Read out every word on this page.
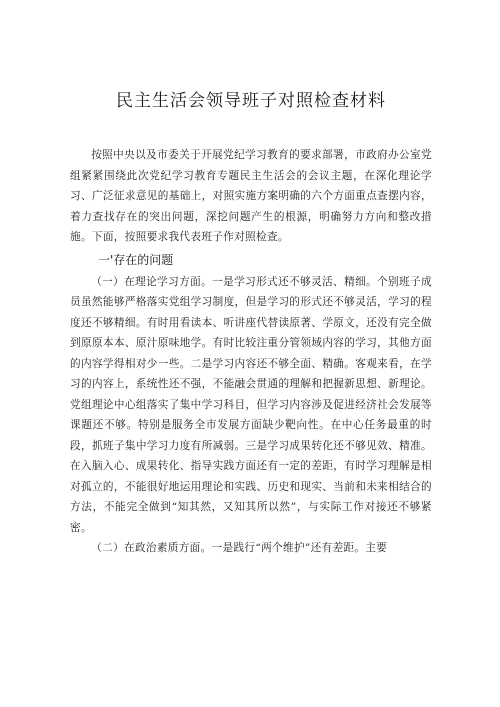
民主生活会领导班子对照检查材料

按照中央以及市委关于开展党纪学习教育的要求部署，市政府办公室党组紧紧围绕此次党纪学习教育专题民主生活会的会议主题，在深化理论学习、广泛征求意见的基础上，对照实施方案明确的六个方面重点查摆内容，着力查找存在的突出问题，深挖问题产生的根源，明确努力方向和整改措施。下面，按照要求我代表班子作对照检查。

一'存在的问题

（一）在理论学习方面。一是学习形式还不够灵活、精细。个别班子成员虽然能够严格落实党组学习制度，但是学习的形式还不够灵活，学习的程度还不够精细。有时用看读本、听讲座代替读原著、学原文，还没有完全做到原原本本、原汁原味地学。有时比较注重分管领域内容的学习，其他方面的内容学得相对少一些。二是学习内容还不够全面、精确。客观来看，在学习的内容上，系统性还不强，不能融会贯通的理解和把握新思想、新理论。党组理论中心组落实了集中学习科目，但学习内容涉及促进经济社会发展等课题还不够。特别是服务全市发展方面缺少靶向性。在中心任务最重的时段，抓班子集中学习力度有所减弱。三是学习成果转化还不够见效、精准。在入脑入心、成果转化、指导实践方面还有一定的差距，有时学习理解是相对孤立的，不能很好地运用理论和实践、历史和现实、当前和未来相结合的方法，不能完全做到“知其然，又知其所以然”，与实际工作对接还不够紧密。

（二）在政治素质方面。一是践行“两个维护”还有差距。主要
